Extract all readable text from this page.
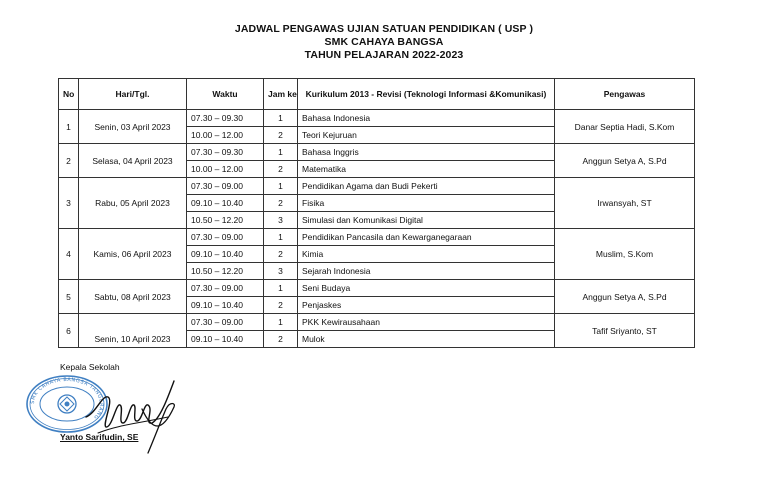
JADWAL PENGAWAS UJIAN SATUAN PENDIDIKAN ( USP )
SMK CAHAYA BANGSA
TAHUN PELAJARAN 2022-2023
No	Hari/Tgl.	Waktu	Jam ke	Kurikulum 2013 - Revisi (Teknologi Informasi &Komunikasi)	Pengawas
1	Senin, 03 April 2023	07.30 – 09.30	1	Bahasa Indonesia	Danar Septia Hadi, S.Kom
		10.00 – 12.00	2	Teori Kejuruan	
2	Selasa, 04 April 2023	07.30 – 09.30	1	Bahasa Inggris	Anggun Setya A, S.Pd
		10.00 – 12.00	2	Matematika	
3	Rabu, 05 April 2023	07.30 – 09.00	1	Pendidikan Agama dan Budi Pekerti	Irwansyah, ST
		09.10 – 10.40	2	Fisika	
		10.50 – 12.20	3	Simulasi dan Komunikasi Digital	
4	Kamis, 06 April 2023	07.30 – 09.00	1	Pendidikan Pancasila dan Kewarganegaraan	Muslim, S.Kom
		09.10 – 10.40	2	Kimia	
		10.50 – 12.20	3	Sejarah Indonesia	
5	Sabtu, 08 April 2023	07.30 – 09.00	1	Seni Budaya	Anggun Setya A, S.Pd
		09.10 – 10.40	2	Penjaskes	
6	Senin, 10 April 2023	07.30 – 09.00	1	PKK Kewirausahaan	Tafif Sriyanto, ST
		09.10 – 10.40	2	Mulok	
Kepala Sekolah
SMK CAHAYA BANGSA TANGERANG
Yanto Sarifudin, SE
